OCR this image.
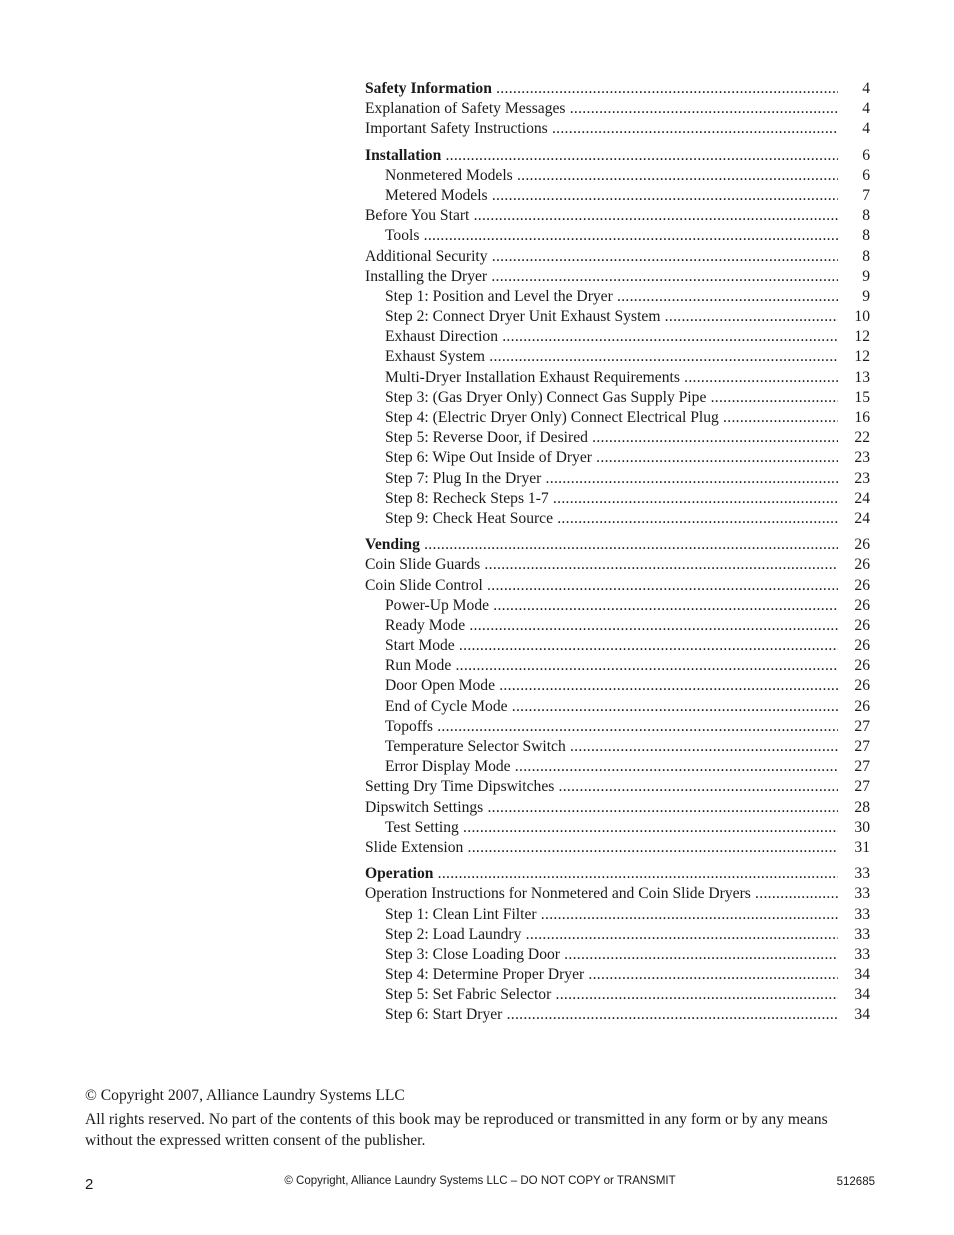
Safety Information .....	4
Explanation of Safety Messages .....	4
Important Safety Instructions .....	4
Installation .....	6
Nonmetered Models .....	6
Metered Models .....	7
Before You Start .....	8
Tools .....	8
Additional Security .....	8
Installing the Dryer .....	9
Step 1: Position and Level the Dryer .....	9
Step 2: Connect Dryer Unit Exhaust System .....	10
Exhaust Direction .....	12
Exhaust System .....	12
Multi-Dryer Installation Exhaust Requirements .....	13
Step 3: (Gas Dryer Only) Connect Gas Supply Pipe .....	15
Step 4: (Electric Dryer Only) Connect Electrical Plug .....	16
Step 5: Reverse Door, if Desired .....	22
Step 6: Wipe Out Inside of Dryer .....	23
Step 7: Plug In the Dryer .....	23
Step 8: Recheck Steps 1-7 .....	24
Step 9: Check Heat Source .....	24
Vending .....	26
Coin Slide Guards .....	26
Coin Slide Control .....	26
Power-Up Mode .....	26
Ready Mode .....	26
Start Mode .....	26
Run Mode .....	26
Door Open Mode .....	26
End of Cycle Mode .....	26
Topoffs .....	27
Temperature Selector Switch .....	27
Error Display Mode .....	27
Setting Dry Time Dipswitches .....	27
Dipswitch Settings .....	28
Test Setting .....	30
Slide Extension .....	31
Operation .....	33
Operation Instructions for Nonmetered and Coin Slide Dryers .....	33
Step 1: Clean Lint Filter .....	33
Step 2: Load Laundry .....	33
Step 3: Close Loading Door .....	33
Step 4: Determine Proper Dryer .....	34
Step 5: Set Fabric Selector .....	34
Step 6: Start Dryer .....	34

© Copyright 2007, Alliance Laundry Systems LLC

All rights reserved. No part of the contents of this book may be reproduced or transmitted in any form or by any means without the expressed written consent of the publisher.

2	© Copyright, Alliance Laundry Systems LLC – DO NOT COPY or TRANSMIT	512685
